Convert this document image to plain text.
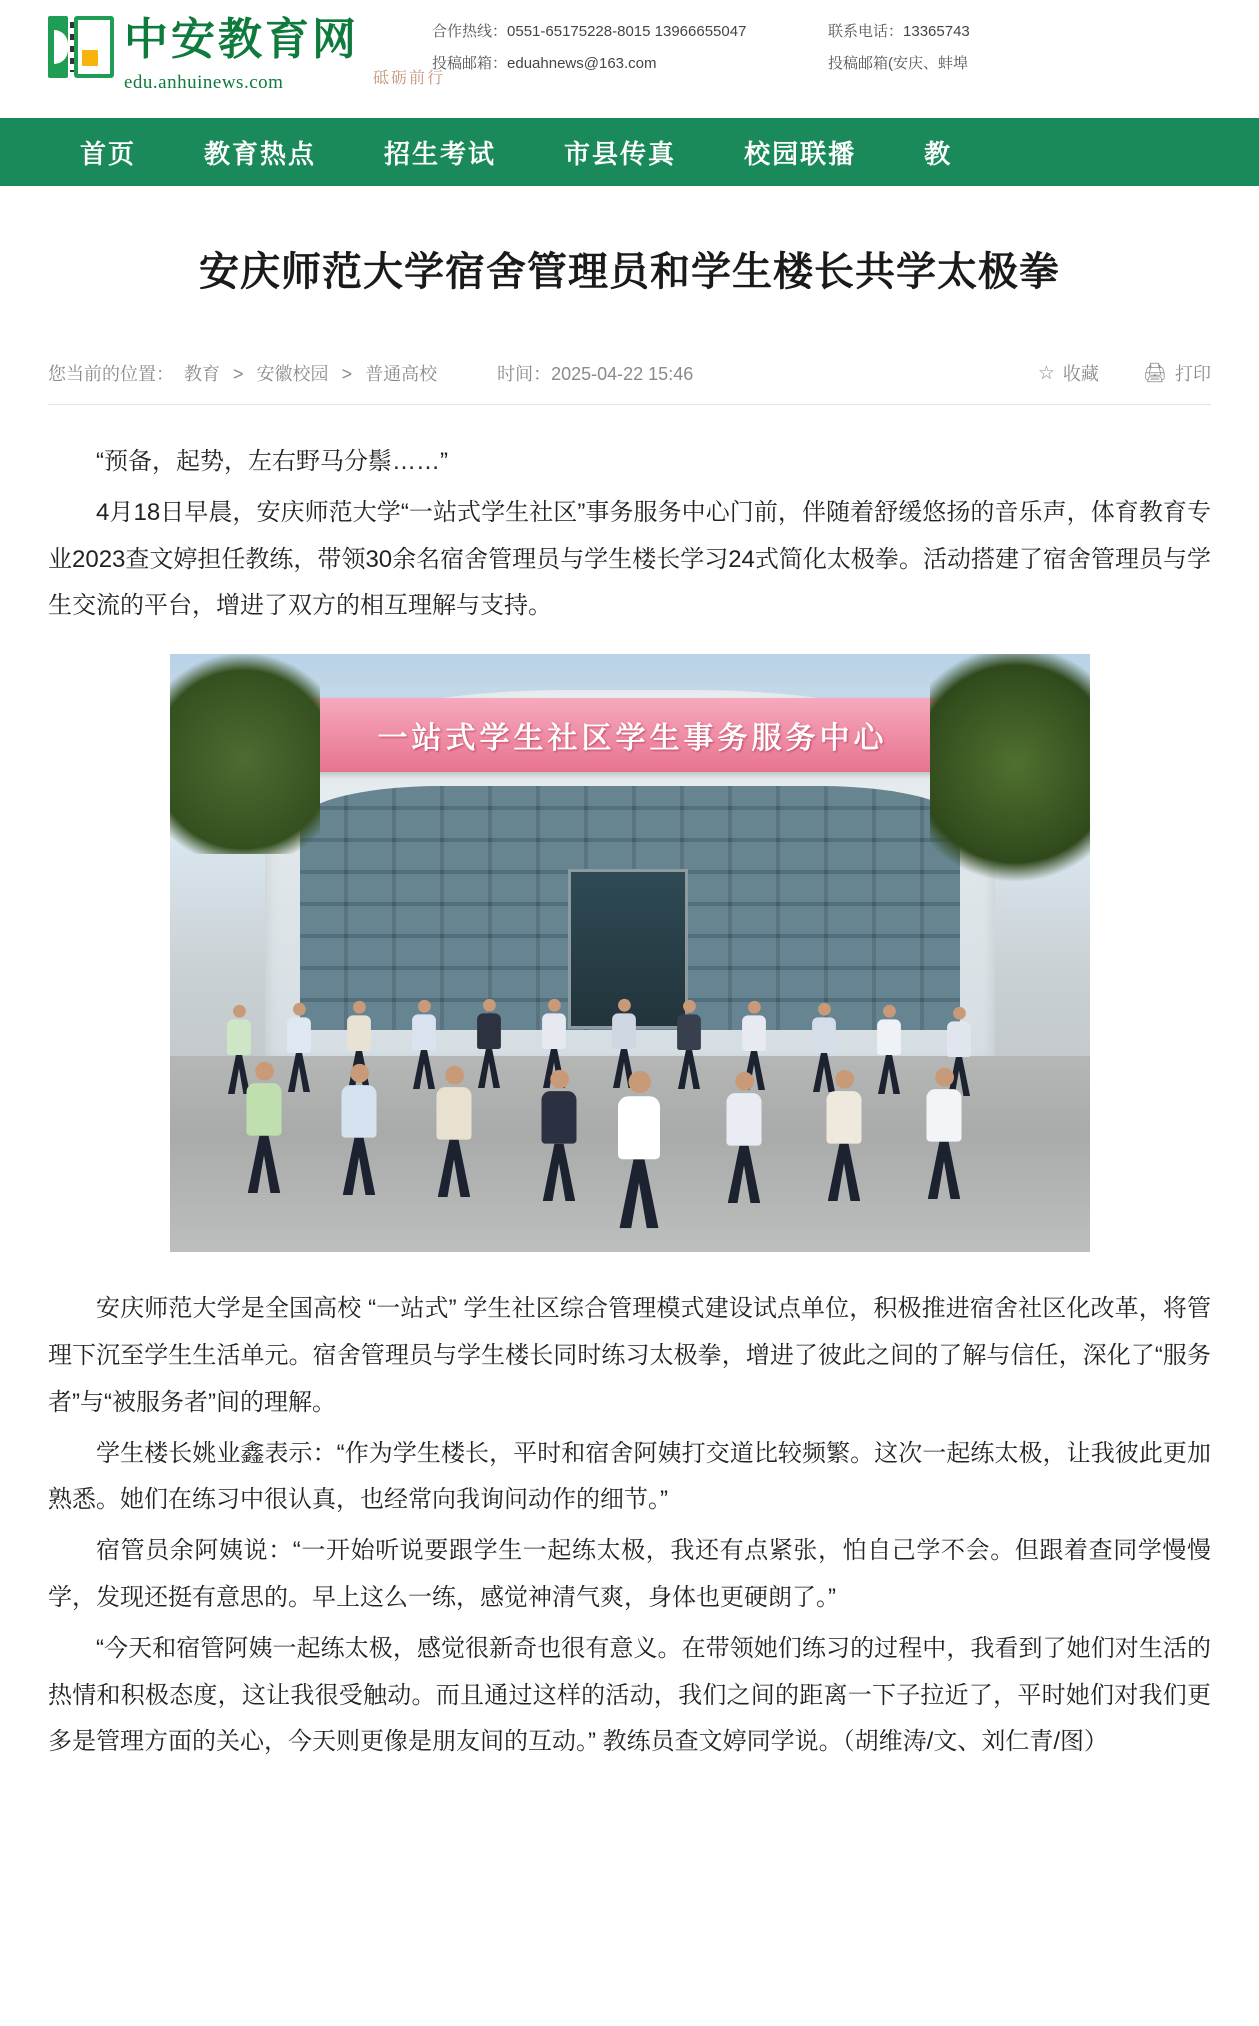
中安教育网
edu.anhuinews.com	砥砺前行
合作热线：0551-65175228-8015 13966655047
投稿邮箱：eduahnews@163.com
联系电话：13365743
投稿邮箱(安庆、蚌埠
首页	教育热点	招生考试	市县传真	校园联播	教
安庆师范大学宿舍管理员和学生楼长共学太极拳
您当前的位置： 教育 > 安徽校园 > 普通高校	时间：2025-04-22 15:46	☆ 收藏 🖨 打印

“预备，起势，左右野马分鬃……”

4月18日早晨，安庆师范大学“一站式学生社区”事务服务中心门前，伴随着舒缓悠扬的音乐声，体育教育专业2023查文婷担任教练，带领30余名宿舍管理员与学生楼长学习24式简化太极拳。活动搭建了宿舍管理员与学生交流的平台，增进了双方的相互理解与支持。

一站式学生社区学生事务服务中心

安庆师范大学是全国高校 “一站式” 学生社区综合管理模式建设试点单位，积极推进宿舍社区化改革，将管理下沉至学生生活单元。宿舍管理员与学生楼长同时练习太极拳，增进了彼此之间的了解与信任，深化了“服务者”与“被服务者”间的理解。

学生楼长姚业鑫表示：“作为学生楼长，平时和宿舍阿姨打交道比较频繁。这次一起练太极，让我彼此更加熟悉。她们在练习中很认真，也经常向我询问动作的细节。”

宿管员余阿姨说：“一开始听说要跟学生一起练太极，我还有点紧张，怕自己学不会。但跟着查同学慢慢学，发现还挺有意思的。早上这么一练，感觉神清气爽，身体也更硬朗了。”

“今天和宿管阿姨一起练太极，感觉很新奇也很有意义。在带领她们练习的过程中，我看到了她们对生活的热情和积极态度，这让我很受触动。而且通过这样的活动，我们之间的距离一下子拉近了，平时她们对我们更多是管理方面的关心，今天则更像是朋友间的互动。” 教练员查文婷同学说。（胡维涛/文、刘仁青/图）
